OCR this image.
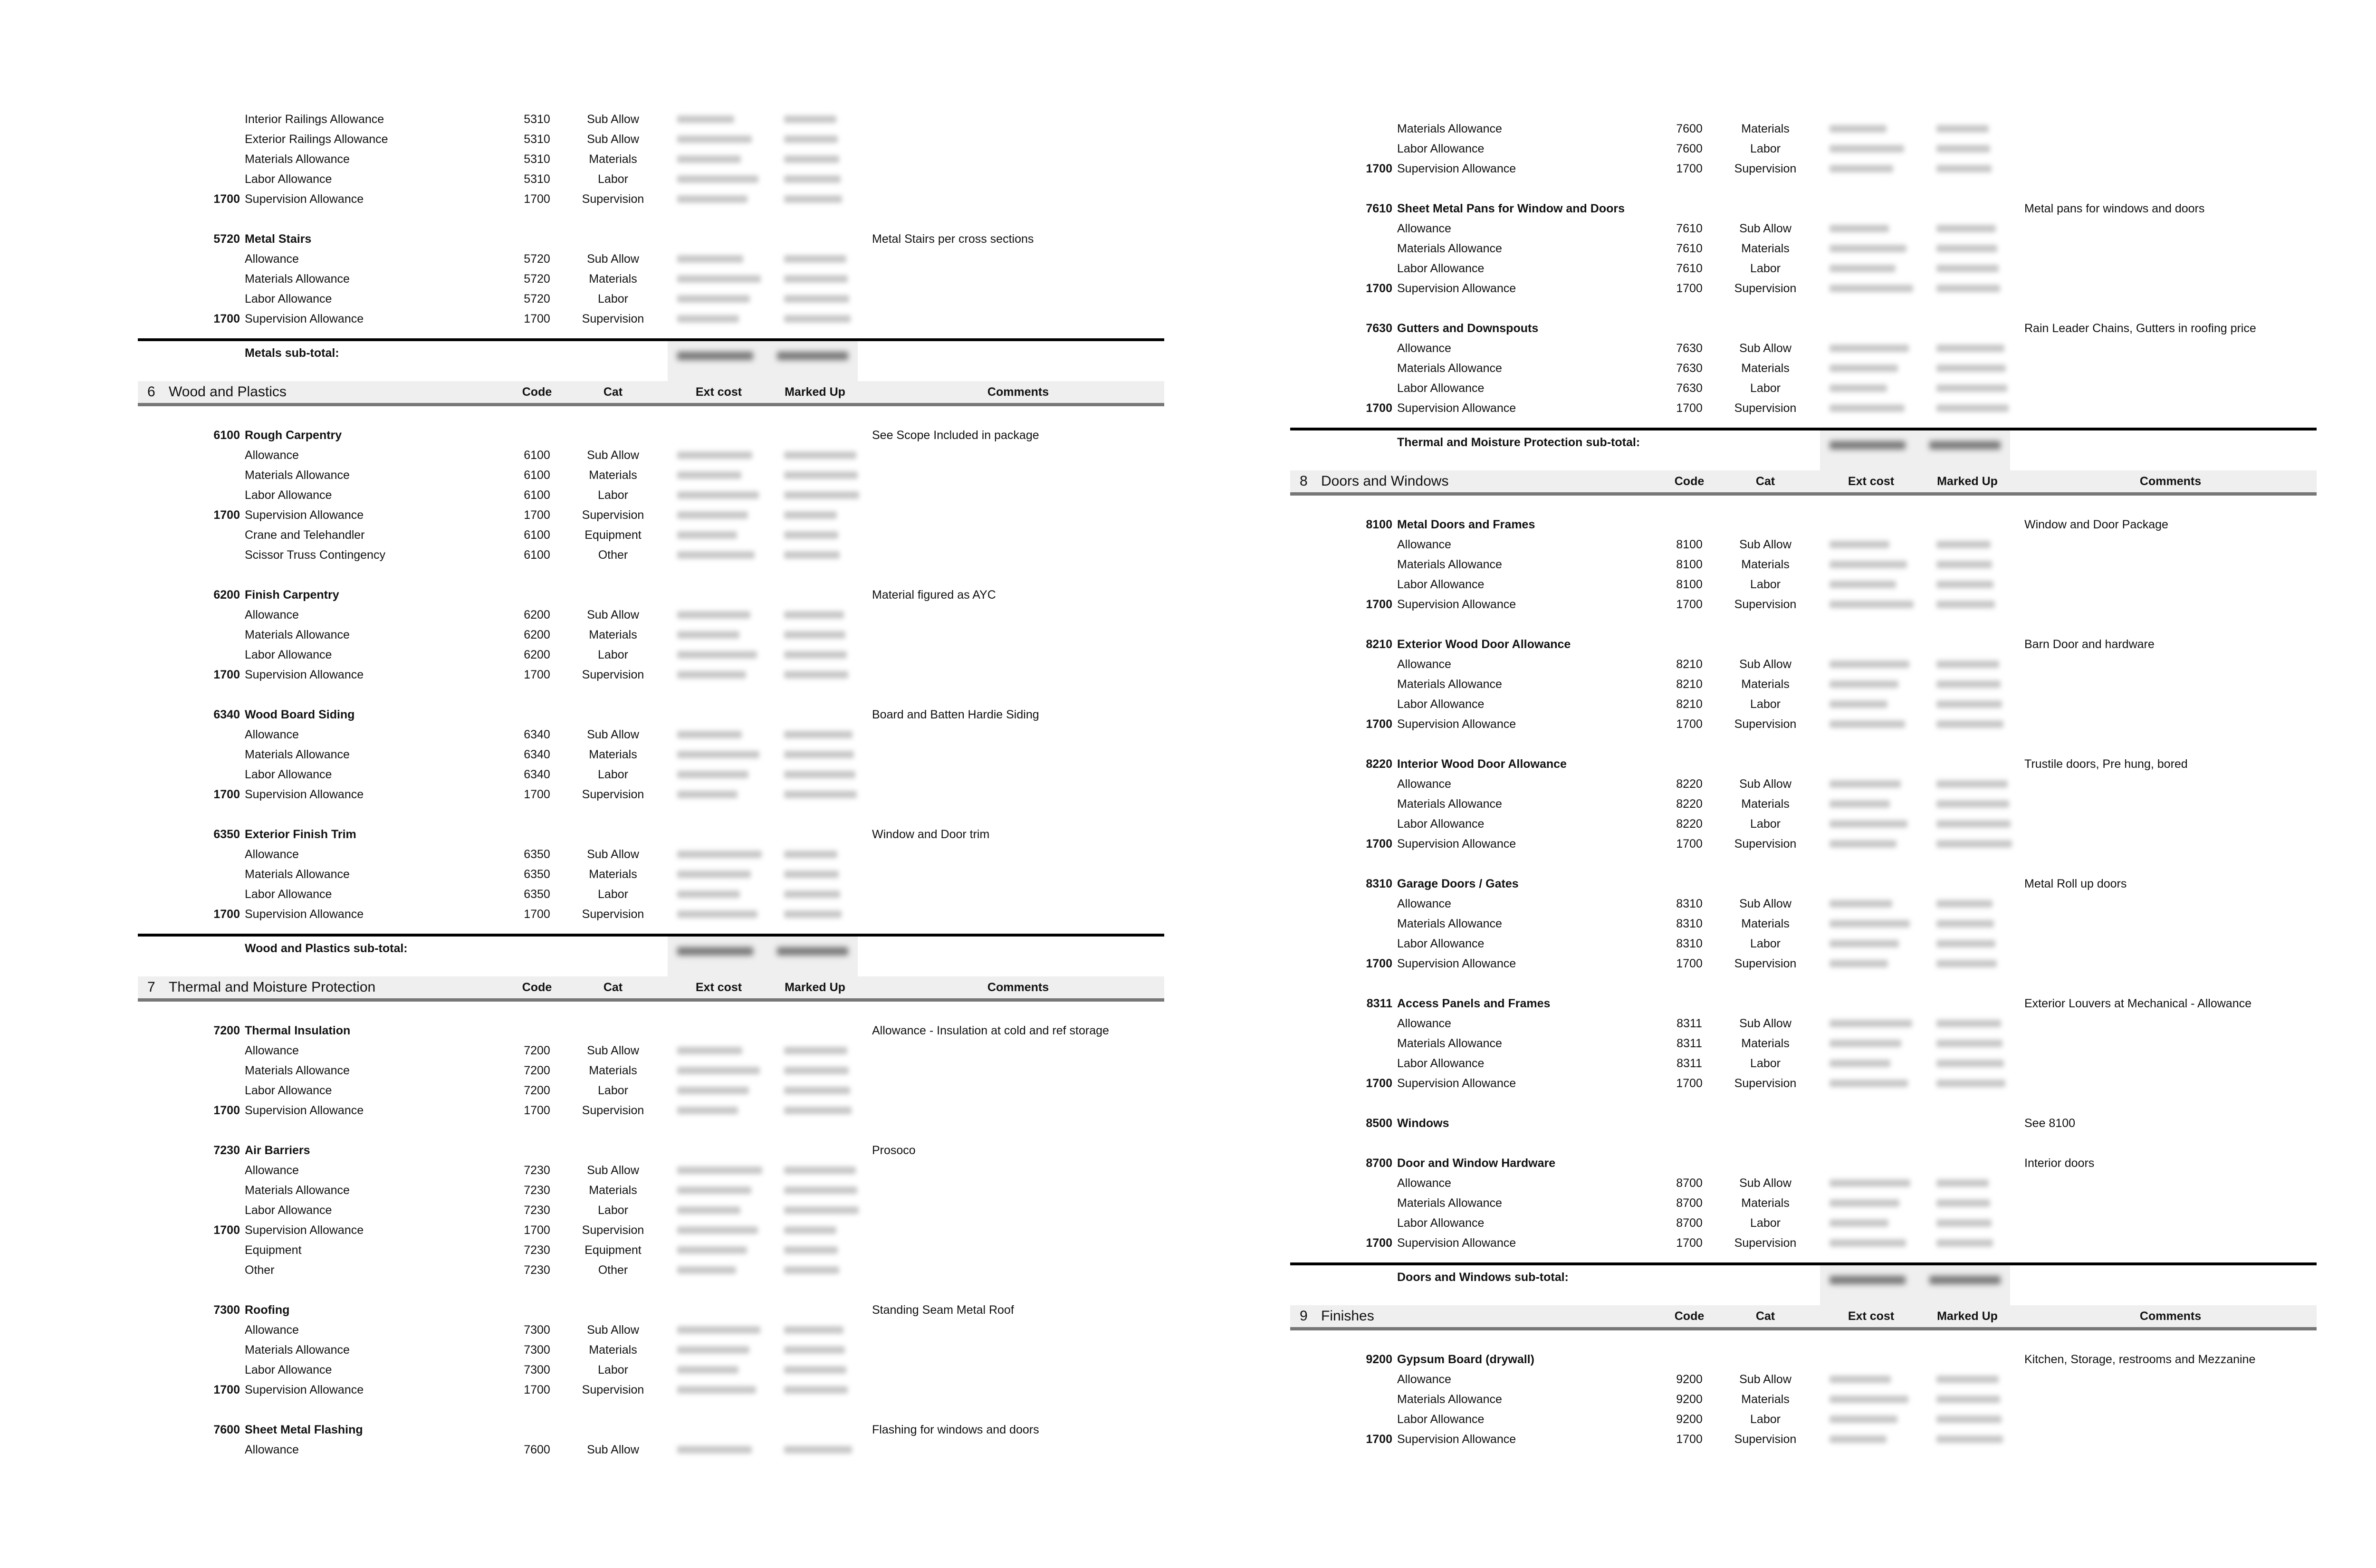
Interior Railings Allowance	5310	Sub Allow
Exterior Railings Allowance	5310	Sub Allow
Materials Allowance	5310	Materials
Labor Allowance	5310	Labor
1700 Supervision Allowance	1700	Supervision
5720 Metal Stairs	Metal Stairs per cross sections
Allowance	5720	Sub Allow
Materials Allowance	5720	Materials
Labor Allowance	5720	Labor
1700 Supervision Allowance	1700	Supervision
Metals sub-total:
6 Wood and Plastics	Code	Cat	Ext cost	Marked Up	Comments
6100 Rough Carpentry	See Scope Included in package
Allowance	6100	Sub Allow
Materials Allowance	6100	Materials
Labor Allowance	6100	Labor
1700 Supervision Allowance	1700	Supervision
Crane and Telehandler	6100	Equipment
Scissor Truss Contingency	6100	Other
6200 Finish Carpentry	Material figured as AYC
Allowance	6200	Sub Allow
Materials Allowance	6200	Materials
Labor Allowance	6200	Labor
1700 Supervision Allowance	1700	Supervision
6340 Wood Board Siding	Board and Batten Hardie Siding
Allowance	6340	Sub Allow
Materials Allowance	6340	Materials
Labor Allowance	6340	Labor
1700 Supervision Allowance	1700	Supervision
6350 Exterior Finish Trim	Window and Door trim
Allowance	6350	Sub Allow
Materials Allowance	6350	Materials
Labor Allowance	6350	Labor
1700 Supervision Allowance	1700	Supervision
Wood and Plastics sub-total:
7 Thermal and Moisture Protection	Code	Cat	Ext cost	Marked Up	Comments
7200 Thermal Insulation	Allowance - Insulation at cold and ref storage
Allowance	7200	Sub Allow
Materials Allowance	7200	Materials
Labor Allowance	7200	Labor
1700 Supervision Allowance	1700	Supervision
7230 Air Barriers	Prosoco
Allowance	7230	Sub Allow
Materials Allowance	7230	Materials
Labor Allowance	7230	Labor
1700 Supervision Allowance	1700	Supervision
Equipment	7230	Equipment
Other	7230	Other
7300 Roofing	Standing Seam Metal Roof
Allowance	7300	Sub Allow
Materials Allowance	7300	Materials
Labor Allowance	7300	Labor
1700 Supervision Allowance	1700	Supervision
7600 Sheet Metal Flashing	Flashing for windows and doors
Allowance	7600	Sub Allow
Materials Allowance	7600	Materials
Labor Allowance	7600	Labor
1700 Supervision Allowance	1700	Supervision
7610 Sheet Metal Pans for Window and Doors	Metal pans for windows and doors
Allowance	7610	Sub Allow
Materials Allowance	7610	Materials
Labor Allowance	7610	Labor
1700 Supervision Allowance	1700	Supervision
7630 Gutters and Downspouts	Rain Leader Chains, Gutters in roofing price
Allowance	7630	Sub Allow
Materials Allowance	7630	Materials
Labor Allowance	7630	Labor
1700 Supervision Allowance	1700	Supervision
Thermal and Moisture Protection sub-total:
8 Doors and Windows	Code	Cat	Ext cost	Marked Up	Comments
8100 Metal Doors and Frames	Window and Door Package
Allowance	8100	Sub Allow
Materials Allowance	8100	Materials
Labor Allowance	8100	Labor
1700 Supervision Allowance	1700	Supervision
8210 Exterior Wood Door Allowance	Barn Door and hardware
Allowance	8210	Sub Allow
Materials Allowance	8210	Materials
Labor Allowance	8210	Labor
1700 Supervision Allowance	1700	Supervision
8220 Interior Wood Door Allowance	Trustile doors, Pre hung, bored
Allowance	8220	Sub Allow
Materials Allowance	8220	Materials
Labor Allowance	8220	Labor
1700 Supervision Allowance	1700	Supervision
8310 Garage Doors / Gates	Metal Roll up doors
Allowance	8310	Sub Allow
Materials Allowance	8310	Materials
Labor Allowance	8310	Labor
1700 Supervision Allowance	1700	Supervision
8311 Access Panels and Frames	Exterior Louvers at Mechanical - Allowance
Allowance	8311	Sub Allow
Materials Allowance	8311	Materials
Labor Allowance	8311	Labor
1700 Supervision Allowance	1700	Supervision
8500 Windows	See 8100
8700 Door and Window Hardware	Interior doors
Allowance	8700	Sub Allow
Materials Allowance	8700	Materials
Labor Allowance	8700	Labor
1700 Supervision Allowance	1700	Supervision
Doors and Windows sub-total:
9 Finishes	Code	Cat	Ext cost	Marked Up	Comments
9200 Gypsum Board (drywall)	Kitchen, Storage, restrooms and Mezzanine
Allowance	9200	Sub Allow
Materials Allowance	9200	Materials
Labor Allowance	9200	Labor
1700 Supervision Allowance	1700	Supervision
